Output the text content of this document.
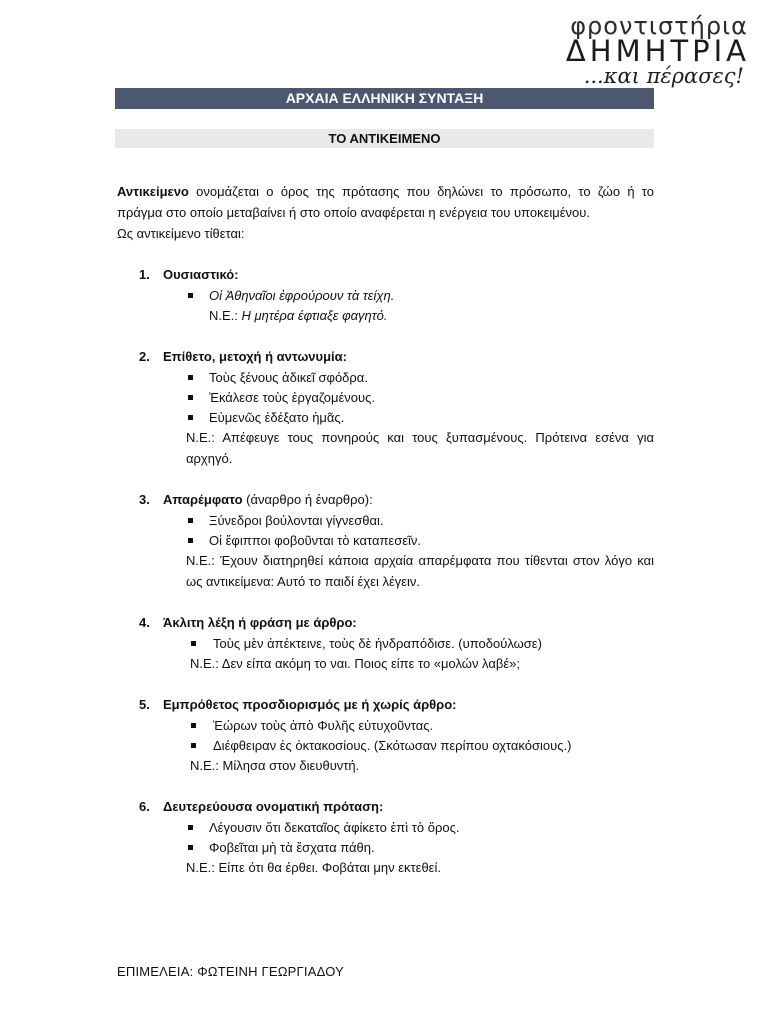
φροντιστήρια
ΔΗΜΗΤΡΙΑ
...και πέρασες!
ΑΡΧΑΙΑ ΕΛΛΗΝΙΚΗ ΣΥΝΤΑΞΗ
ΤΟ ΑΝΤΙΚΕΙΜΕΝΟ
Αντικείμενο ονομάζεται ο όρος της πρότασης που δηλώνει το πρόσωπο, το ζώο ή το πράγμα στο οποίο μεταβαίνει ή στο οποίο αναφέρεται η ενέργεια του υποκειμένου.
Ως αντικείμενο τίθεται:
1. Ουσιαστικό:
Οἱ Ἀθηναῖοι ἐφρούρουν τὰ τείχη.
Ν.Ε.: Η μητέρα έφτιαξε φαγητό.
2. Επίθετο, μετοχή ή αντωνυμία:
Τοὺς ξένους ἀδικεῖ σφόδρα.
Ἐκάλεσε τοὺς ἐργαζομένους.
Εὐμενῶς ἐδέξατο ἡμᾶς.
Ν.Ε.: Απέφευγε τους πονηρούς και τους ξυπασμένους. Πρότεινα εσένα για αρχηγό.
3. Απαρέμφατο (άναρθρο ή έναρθρο):
Ξύνεδροι βούλονται γίγνεσθαι.
Οἱ ἔφιπποι φοβοῦνται τὸ καταπεσεῖν.
Ν.Ε.: Έχουν διατηρηθεί κάποια αρχαία απαρέμφατα που τίθενται στον λόγο και ως αντικείμενα: Αυτό το παιδί έχει λέγειν.
4. Άκλιτη λέξη ή φράση με άρθρο:
Τοὺς μὲν ἀπέκτεινε, τοὺς δὲ ἠνδραπόδισε. (υποδούλωσε)
Ν.Ε.: Δεν είπα ακόμη το ναι. Ποιος είπε το «μολών λαβέ»;
5. Εμπρόθετος προσδιορισμός με ή χωρίς άρθρο:
Ἑώρων τοὺς ἀπὸ Φυλῆς εὐτυχοῦντας.
Διέφθειραν ἐς ὀκτακοσίους. (Σκότωσαν περίπου οχτακόσιους.)
Ν.Ε.: Μίλησα στον διευθυντή.
6. Δευτερεύουσα ονοματική πρόταση:
Λέγουσιν ὅτι δεκαταῖος ἀφίκετο ἐπὶ τὸ ὄρος.
Φοβεῖται μὴ τὰ ἔσχατα πάθη.
Ν.Ε.: Είπε ότι θα έρθει. Φοβάται μην εκτεθεί.
ΕΠΙΜΕΛΕΙΑ: ΦΩΤΕΙΝΗ ΓΕΩΡΓΙΑΔΟΥ
